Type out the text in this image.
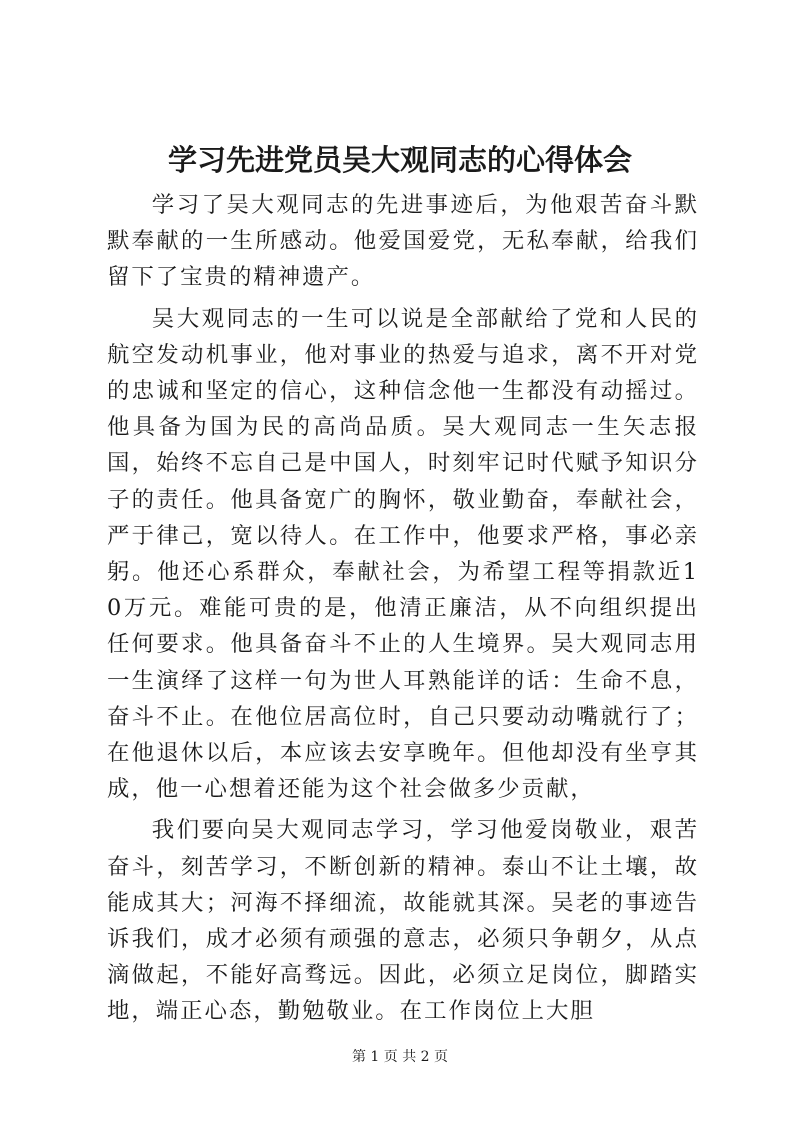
学习先进党员吴大观同志的心得体会

学习了吴大观同志的先进事迹后，为他艰苦奋斗默默奉献的一生所感动。他爱国爱党，无私奉献，给我们留下了宝贵的精神遗产。

吴大观同志的一生可以说是全部献给了党和人民的航空发动机事业，他对事业的热爱与追求，离不开对党的忠诚和坚定的信心，这种信念他一生都没有动摇过。他具备为国为民的高尚品质。吴大观同志一生矢志报国，始终不忘自己是中国人，时刻牢记时代赋予知识分子的责任。他具备宽广的胸怀，敬业勤奋，奉献社会，严于律己，宽以待人。在工作中，他要求严格，事必亲躬。他还心系群众，奉献社会，为希望工程等捐款近10万元。难能可贵的是，他清正廉洁，从不向组织提出任何要求。他具备奋斗不止的人生境界。吴大观同志用一生演绎了这样一句为世人耳熟能详的话：生命不息，奋斗不止。在他位居高位时，自己只要动动嘴就行了；在他退休以后，本应该去安享晚年。但他却没有坐亨其成，他一心想着还能为这个社会做多少贡献，

我们要向吴大观同志学习，学习他爱岗敬业，艰苦奋斗，刻苦学习，不断创新的精神。泰山不让土壤，故能成其大；河海不择细流，故能就其深。吴老的事迹告诉我们，成才必须有顽强的意志，必须只争朝夕，从点滴做起，不能好高骛远。因此，必须立足岗位，脚踏实地，端正心态，勤勉敬业。在工作岗位上大胆

第 1 页 共 2 页
